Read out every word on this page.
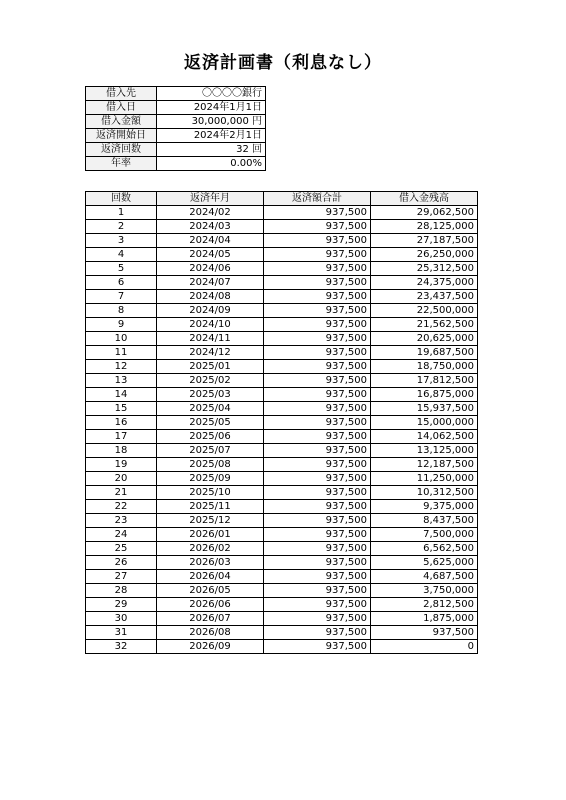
返済計画書（利息なし）
借入先	〇〇〇〇銀行
借入日	2024年1月1日
借入金額	30,000,000 円
返済開始日	2024年2月1日
返済回数	32 回
年率	0.00%
回数	返済年月	返済額合計	借入金残高
1	2024/02	937,500	29,062,500
2	2024/03	937,500	28,125,000
3	2024/04	937,500	27,187,500
4	2024/05	937,500	26,250,000
5	2024/06	937,500	25,312,500
6	2024/07	937,500	24,375,000
7	2024/08	937,500	23,437,500
8	2024/09	937,500	22,500,000
9	2024/10	937,500	21,562,500
10	2024/11	937,500	20,625,000
11	2024/12	937,500	19,687,500
12	2025/01	937,500	18,750,000
13	2025/02	937,500	17,812,500
14	2025/03	937,500	16,875,000
15	2025/04	937,500	15,937,500
16	2025/05	937,500	15,000,000
17	2025/06	937,500	14,062,500
18	2025/07	937,500	13,125,000
19	2025/08	937,500	12,187,500
20	2025/09	937,500	11,250,000
21	2025/10	937,500	10,312,500
22	2025/11	937,500	9,375,000
23	2025/12	937,500	8,437,500
24	2026/01	937,500	7,500,000
25	2026/02	937,500	6,562,500
26	2026/03	937,500	5,625,000
27	2026/04	937,500	4,687,500
28	2026/05	937,500	3,750,000
29	2026/06	937,500	2,812,500
30	2026/07	937,500	1,875,000
31	2026/08	937,500	937,500
32	2026/09	937,500	0
